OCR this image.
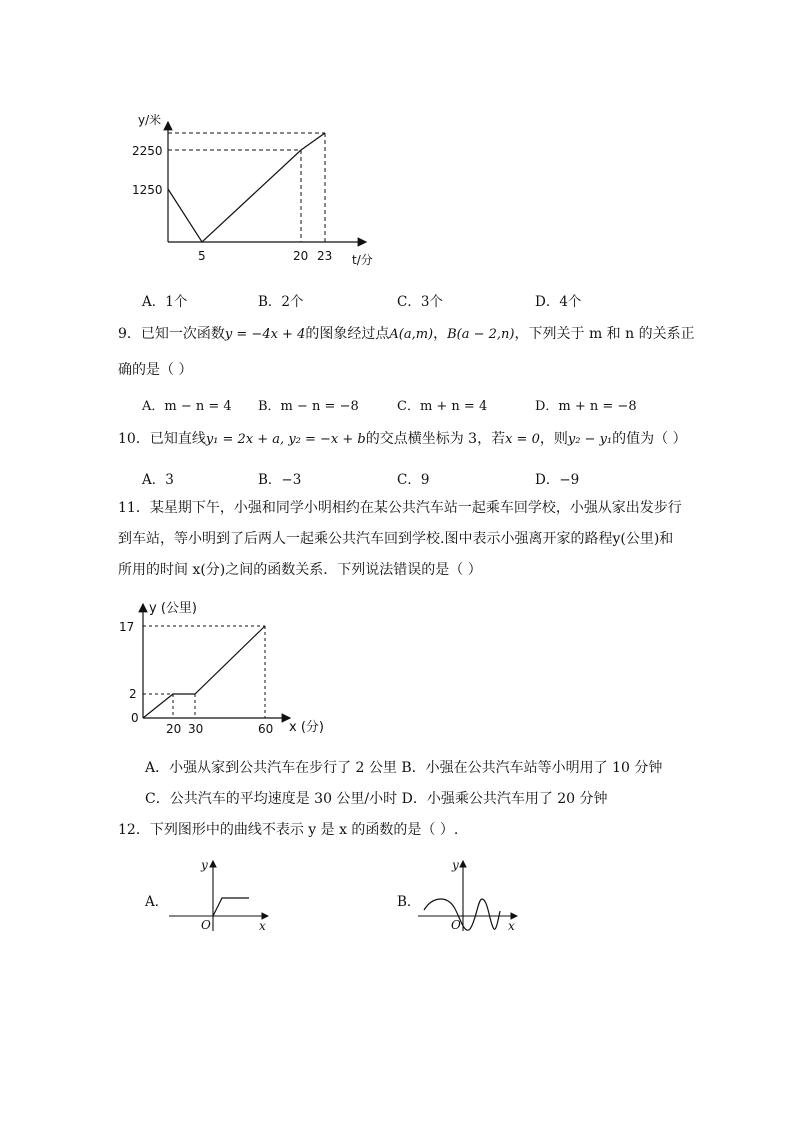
y/米
2250
1250
5	20 23 t/分
A．1个	B．2个	C．3个	D．4个
9．已知一次函数y = −4x + 4的图象经过点A(a,m)，B(a − 2,n)，下列关于 m 和 n 的关系正
确的是（ ）
A．m − n = 4 B．m − n = −8	C．m + n = 4	D．m + n = −8
10．已知直线y₁ = 2x + a, y₂ = −x + b的交点横坐标为 3，若x = 0，则y₂ − y₁的值为（ ）
A．3	B．−3	C．9	D．−9
11．某星期下午，小强和同学小明相约在某公共汽车站一起乘车回学校，小强从家出发步行
到车站，等小明到了后两人一起乘公共汽车回到学校.图中表示小强离开家的路程y(公里)和
所用的时间 x(分)之间的函数关系．下列说法错误的是（ ）
y (公里)
17
2
0
20 30	60 x (分)
A．小强从家到公共汽车在步行了 2 公里 B．小强在公共汽车站等小明用了 10 分钟
C．公共汽车的平均速度是 30 公里/小时 D．小强乘公共汽车用了 20 分钟
12．下列图形中的曲线不表示 y 是 x 的函数的是（ ）.
A．
y
x
O
B．
y
x
O
